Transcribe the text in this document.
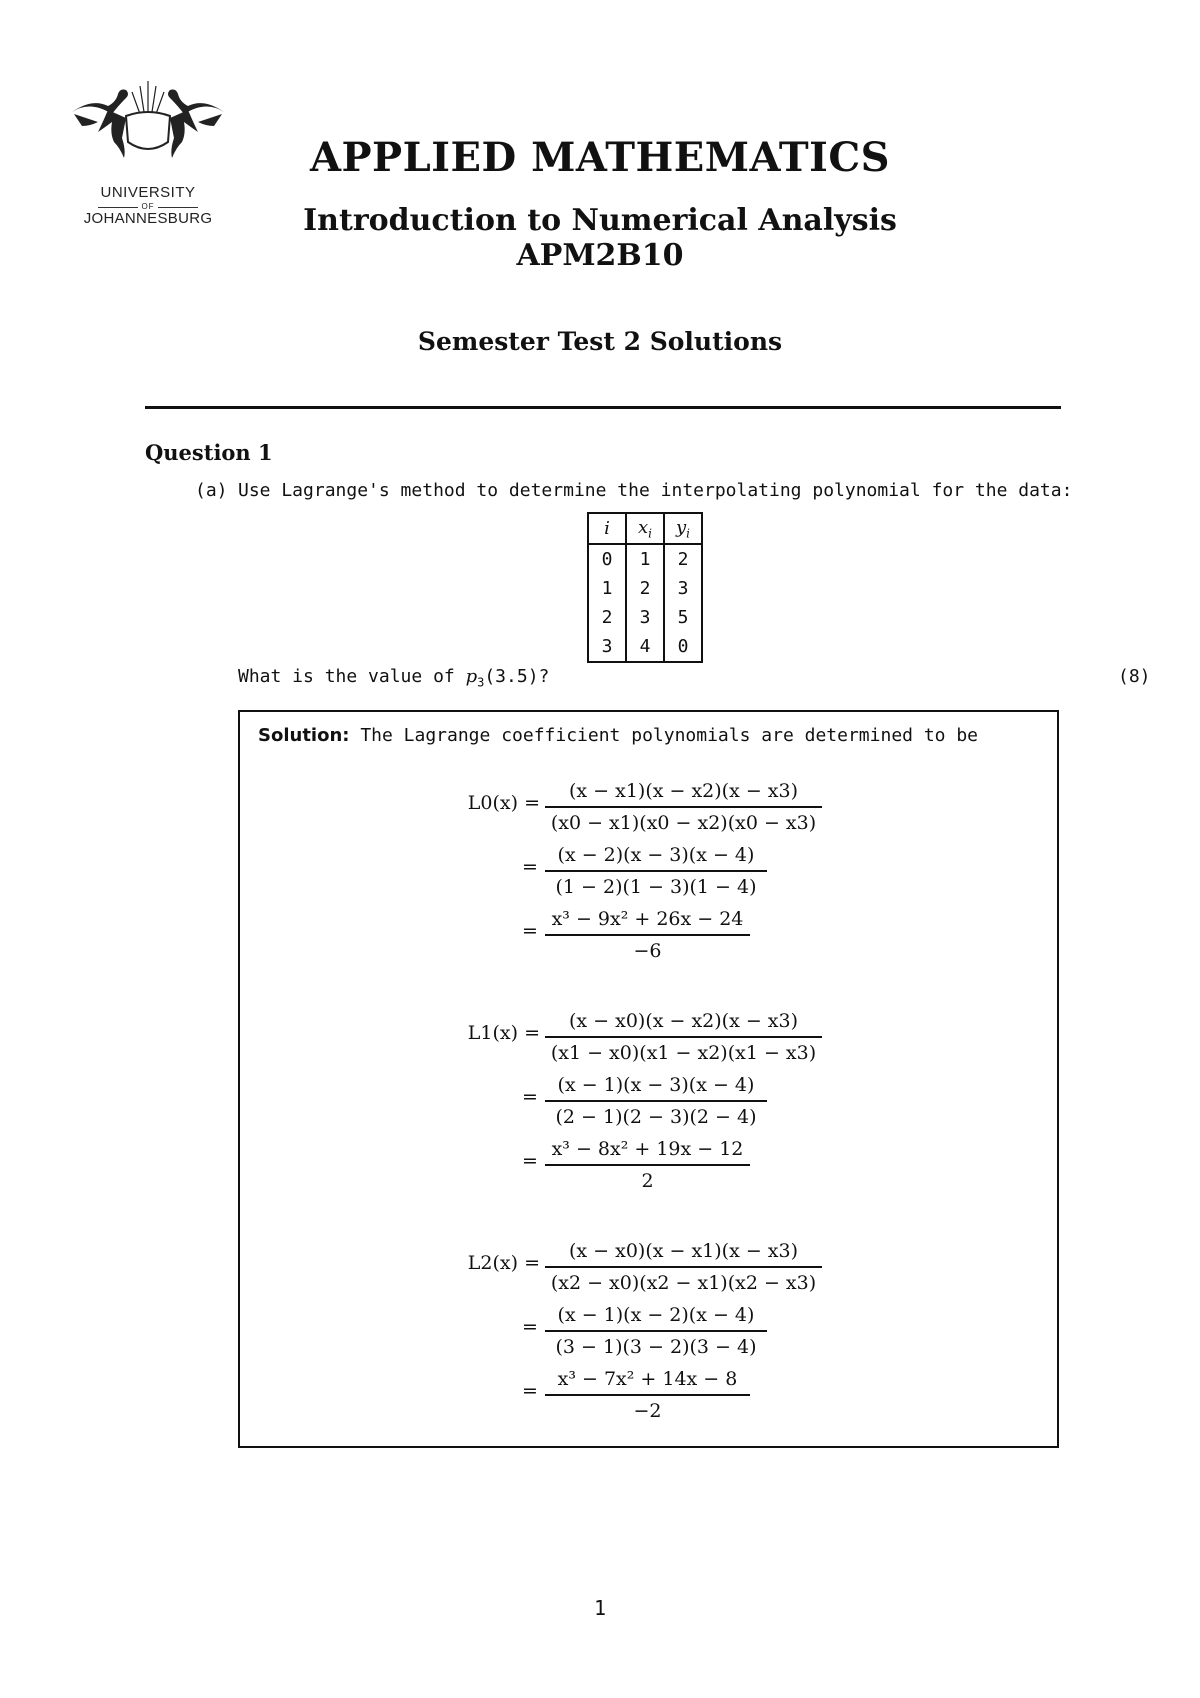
UNIVERSITY
OF
JOHANNESBURG
APPLIED MATHEMATICS
Introduction to Numerical Analysis
APM2B10
Semester Test 2 Solutions
Question 1
(a) Use Lagrange's method to determine the interpolating polynomial for the data:
i	$x_i$	$y_i$
0	1	2
1	2	3
2	3	5
3	4	0
What is the value of $p_3(3.5)$?	(8)
Solution: The Lagrange coefficient polynomials are determined to be
L0(x) =
(x − x1)(x − x2)(x − x3)
(x0 − x1)(x0 − x2)(x0 − x3)
=
(x − 2)(x − 3)(x − 4)
(1 − 2)(1 − 3)(1 − 4)
=
x³ − 9x² + 26x − 24
−6
L1(x) =
(x − x0)(x − x2)(x − x3)
(x1 − x0)(x1 − x2)(x1 − x3)
=
(x − 1)(x − 3)(x − 4)
(2 − 1)(2 − 3)(2 − 4)
=
x³ − 8x² + 19x − 12
2
L2(x) =
(x − x0)(x − x1)(x − x3)
(x2 − x0)(x2 − x1)(x2 − x3)
=
(x − 1)(x − 2)(x − 4)
(3 − 1)(3 − 2)(3 − 4)
=
x³ − 7x² + 14x − 8
−2
1
